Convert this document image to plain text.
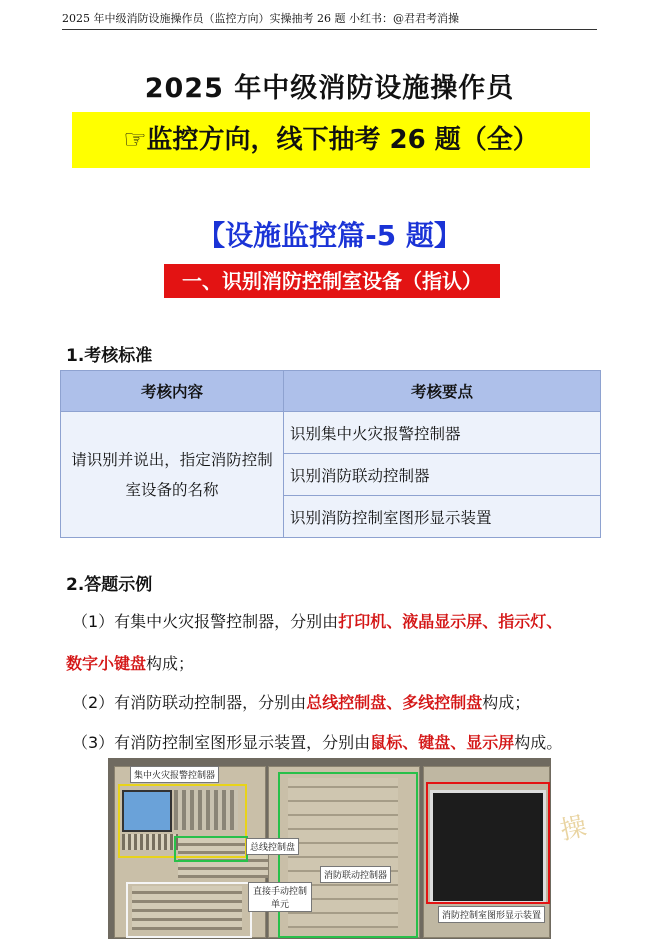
2025 年中级消防设施操作员（监控方向）实操抽考 26 题 小红书：@君君考消操
2025 年中级消防设施操作员
☞监控方向，线下抽考 26 题（全）
【设施监控篇-5 题】
一、识别消防控制室设备（指认）
1.考核标准
考核内容	考核要点
请识别并说出，指定消防控制室设备的名称	识别集中火灾报警控制器
	识别消防联动控制器
	识别消防控制室图形显示装置
2.答题示例
（1）有集中火灾报警控制器，分别由打印机、液晶显示屏、指示灯、
数字小键盘构成；
（2）有消防联动控制器，分别由总线控制盘、多线控制盘构成；
（3）有消防控制室图形显示装置，分别由鼠标、键盘、显示屏构成。
集中火灾报警控制器
总线控制盘
消防联动控制器
直接手动控制单元
消防控制室图形显示装置
操
